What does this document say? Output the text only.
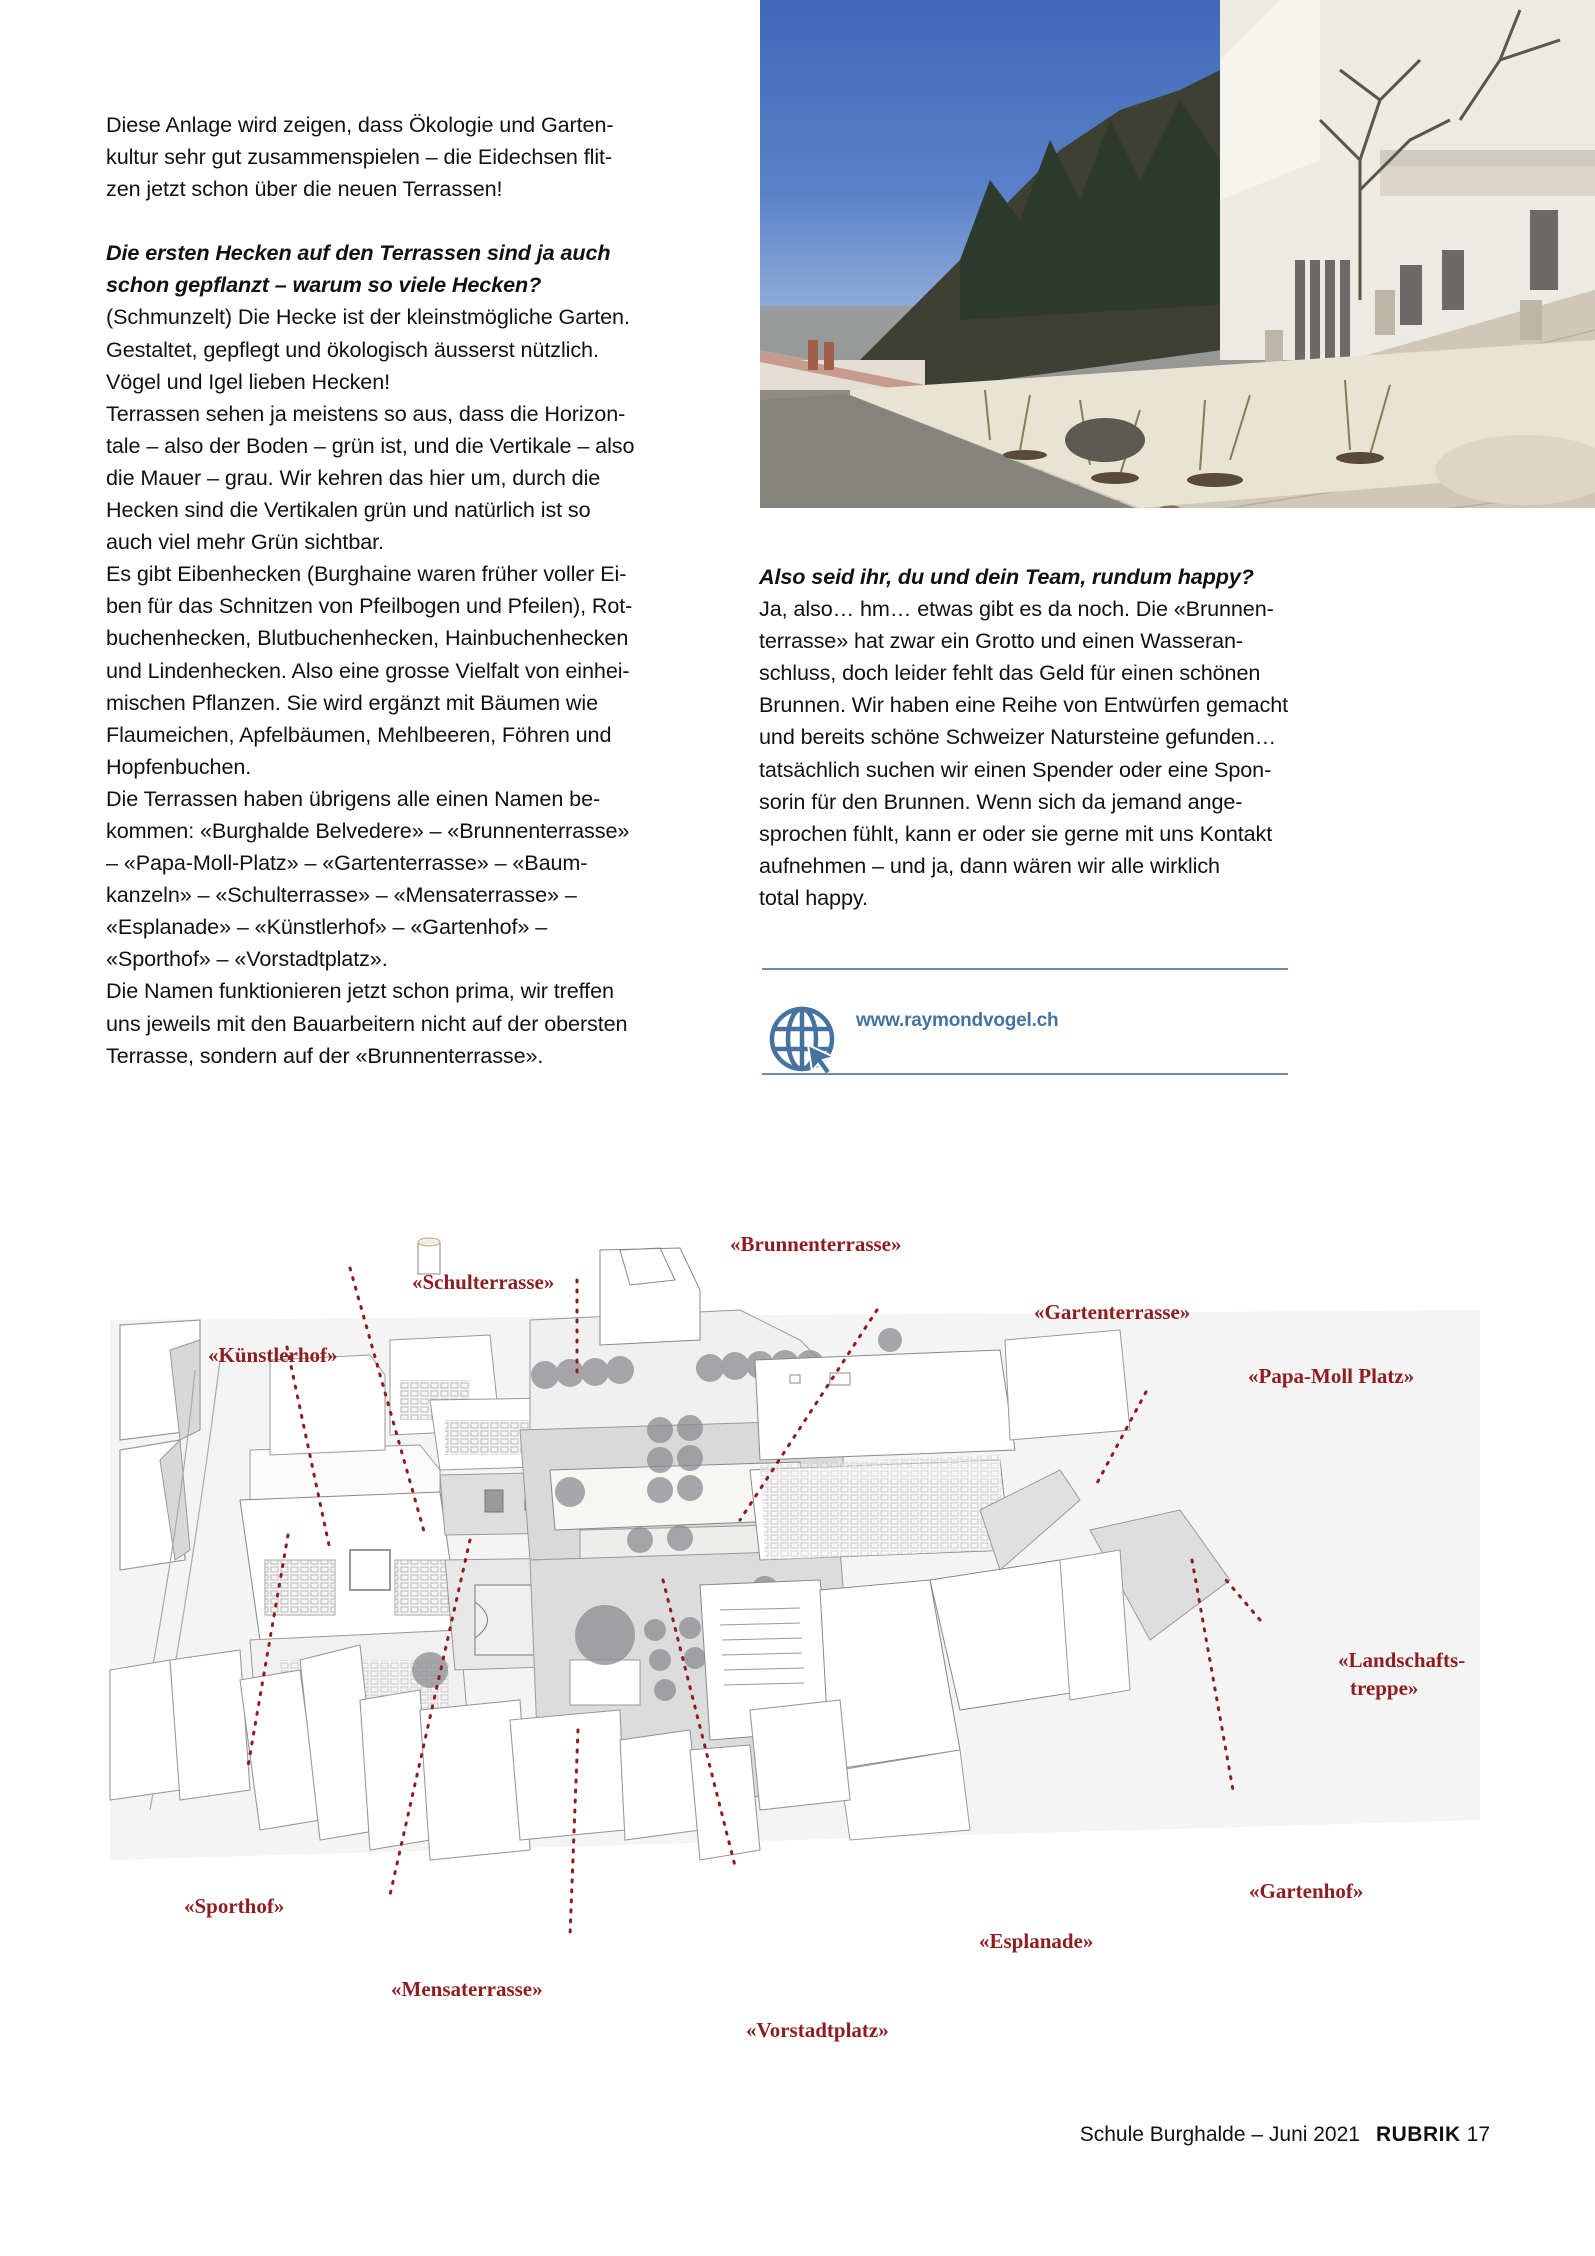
Diese Anlage wird zeigen, dass Ökologie und Garten-

kultur sehr gut zusammenspielen – die Eidechsen flit-

zen jetzt schon über die neuen Terrassen!

Die ersten Hecken auf den Terrassen sind ja auch

schon gepflanzt – warum so viele Hecken?

(Schmunzelt) Die Hecke ist der kleinstmögliche Garten.

Gestaltet, gepflegt und ökologisch äusserst nützlich.

Vögel und Igel lieben Hecken!

Terrassen sehen ja meistens so aus, dass die Horizon-

tale – also der Boden – grün ist, und die Vertikale – also

die Mauer – grau. Wir kehren das hier um, durch die

Hecken sind die Vertikalen grün und natürlich ist so

auch viel mehr Grün sichtbar.

Es gibt Eibenhecken (Burghaine waren früher voller Ei-

ben für das Schnitzen von Pfeilbogen und Pfeilen), Rot-

buchenhecken, Blutbuchenhecken, Hainbuchenhecken

und Lindenhecken. Also eine grosse Vielfalt von einhei-

mischen Pflanzen. Sie wird ergänzt mit Bäumen wie

Flaumeichen, Apfelbäumen, Mehlbeeren, Föhren und

Hopfenbuchen.

Die Terrassen haben übrigens alle einen Namen be-

kommen: «Burghalde Belvedere» – «Brunnenterrasse»

– «Papa-Moll-Platz» – «Gartenterrasse» – «Baum-

kanzeln» – «Schulterrasse» – «Mensaterrasse» –

«Esplanade» – «Künstlerhof» – «Gartenhof» –

«Sporthof» – «Vorstadtplatz».

Die Namen funktionieren jetzt schon prima, wir treffen

uns jeweils mit den Bauarbeitern nicht auf der obersten

Terrasse, sondern auf der «Brunnenterrasse».

Also seid ihr, du und dein Team, rundum happy?

Ja, also… hm… etwas gibt es da noch. Die «Brunnen-

terrasse» hat zwar ein Grotto und einen Wasseran-

schluss, doch leider fehlt das Geld für einen schönen

Brunnen. Wir haben eine Reihe von Entwürfen gemacht

und bereits schöne Schweizer Natursteine gefunden…

tatsächlich suchen wir einen Spender oder eine Spon-

sorin für den Brunnen. Wenn sich da jemand ange-

sprochen fühlt, kann er oder sie gerne mit uns Kontakt

aufnehmen – und ja, dann wären wir alle wirklich

total happy.

www.raymondvogel.ch
«Künstlerhof»
«Schulterrasse»
«Brunnenterrasse»
«Gartenterrasse»
«Papa-Moll Platz»
«Landschafts-
treppe»
«Sporthof»
«Mensaterrasse»
«Vorstadtplatz»
«Esplanade»
«Gartenhof»
Schule Burghalde – Juni 2021 RUBRIK 17
